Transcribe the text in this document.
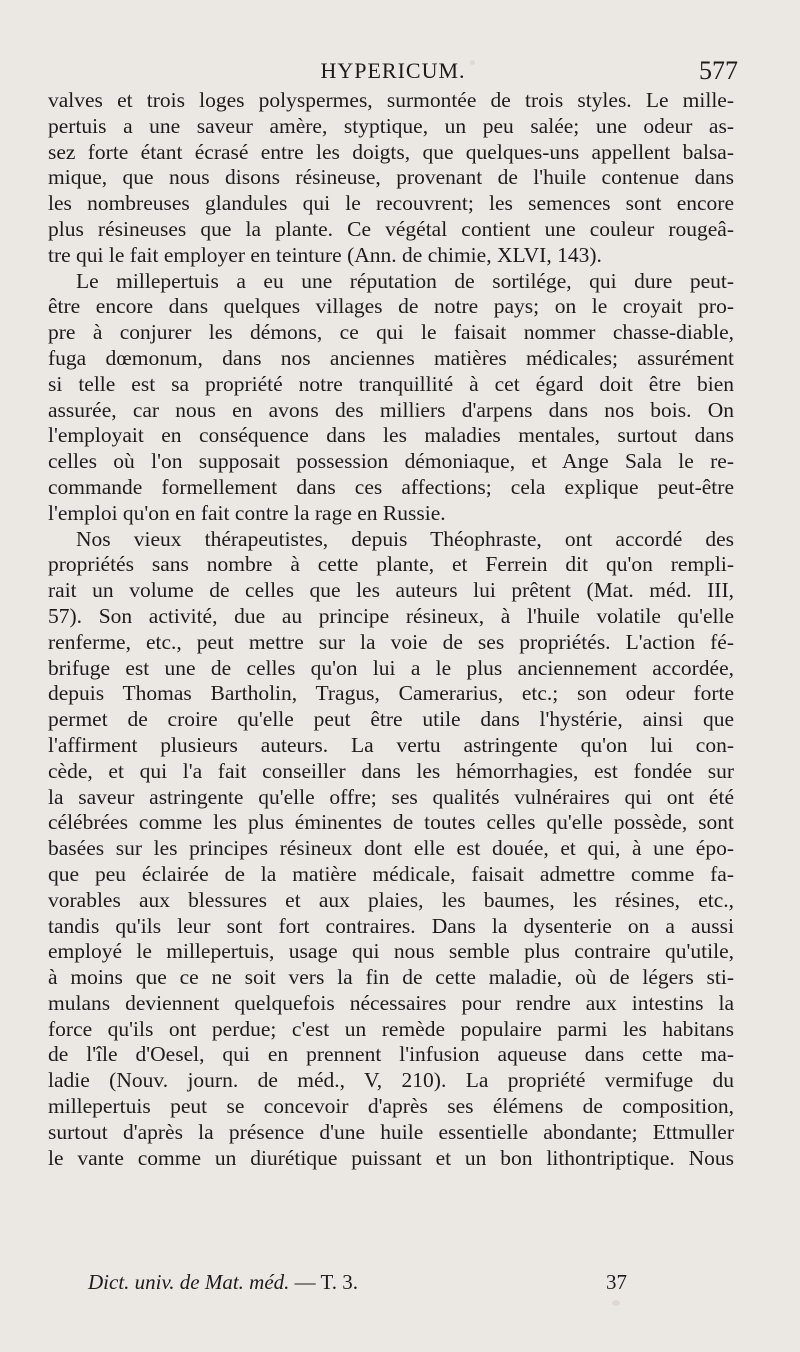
HYPERICUM.	577
valves et trois loges polyspermes, surmontée de trois styles. Le mille-
pertuis a une saveur amère, styptique, un peu salée; une odeur as-
sez forte étant écrasé entre les doigts, que quelques-uns appellent balsa-
mique, que nous disons résineuse, provenant de l'huile contenue dans
les nombreuses glandules qui le recouvrent; les semences sont encore
plus résineuses que la plante. Ce végétal contient une couleur rougeâ-
tre qui le fait employer en teinture (Ann. de chimie, XLVI, 143).
Le millepertuis a eu une réputation de sortilége, qui dure peut-
être encore dans quelques villages de notre pays; on le croyait pro-
pre à conjurer les démons, ce qui le faisait nommer chasse-diable,
fuga dœmonum, dans nos anciennes matières médicales; assurément
si telle est sa propriété notre tranquillité à cet égard doit être bien
assurée, car nous en avons des milliers d'arpens dans nos bois. On
l'employait en conséquence dans les maladies mentales, surtout dans
celles où l'on supposait possession démoniaque, et Ange Sala le re-
commande formellement dans ces affections; cela explique peut-être
l'emploi qu'on en fait contre la rage en Russie.
Nos vieux thérapeutistes, depuis Théophraste, ont accordé des
propriétés sans nombre à cette plante, et Ferrein dit qu'on rempli-
rait un volume de celles que les auteurs lui prêtent (Mat. méd. III,
57). Son activité, due au principe résineux, à l'huile volatile qu'elle
renferme, etc., peut mettre sur la voie de ses propriétés. L'action fé-
brifuge est une de celles qu'on lui a le plus anciennement accordée,
depuis Thomas Bartholin, Tragus, Camerarius, etc.; son odeur forte
permet de croire qu'elle peut être utile dans l'hystérie, ainsi que
l'affirment plusieurs auteurs. La vertu astringente qu'on lui con-
cède, et qui l'a fait conseiller dans les hémorrhagies, est fondée sur
la saveur astringente qu'elle offre; ses qualités vulnéraires qui ont été
célébrées comme les plus éminentes de toutes celles qu'elle possède, sont
basées sur les principes résineux dont elle est douée, et qui, à une épo-
que peu éclairée de la matière médicale, faisait admettre comme fa-
vorables aux blessures et aux plaies, les baumes, les résines, etc.,
tandis qu'ils leur sont fort contraires. Dans la dysenterie on a aussi
employé le millepertuis, usage qui nous semble plus contraire qu'utile,
à moins que ce ne soit vers la fin de cette maladie, où de légers sti-
mulans deviennent quelquefois nécessaires pour rendre aux intestins la
force qu'ils ont perdue; c'est un remède populaire parmi les habitans
de l'île d'Oesel, qui en prennent l'infusion aqueuse dans cette ma-
ladie (Nouv. journ. de méd., V, 210). La propriété vermifuge du
millepertuis peut se concevoir d'après ses élémens de composition,
surtout d'après la présence d'une huile essentielle abondante; Ettmuller
le vante comme un diurétique puissant et un bon lithontriptique. Nous
Dict. univ. de Mat. méd. — T. 3.	37
